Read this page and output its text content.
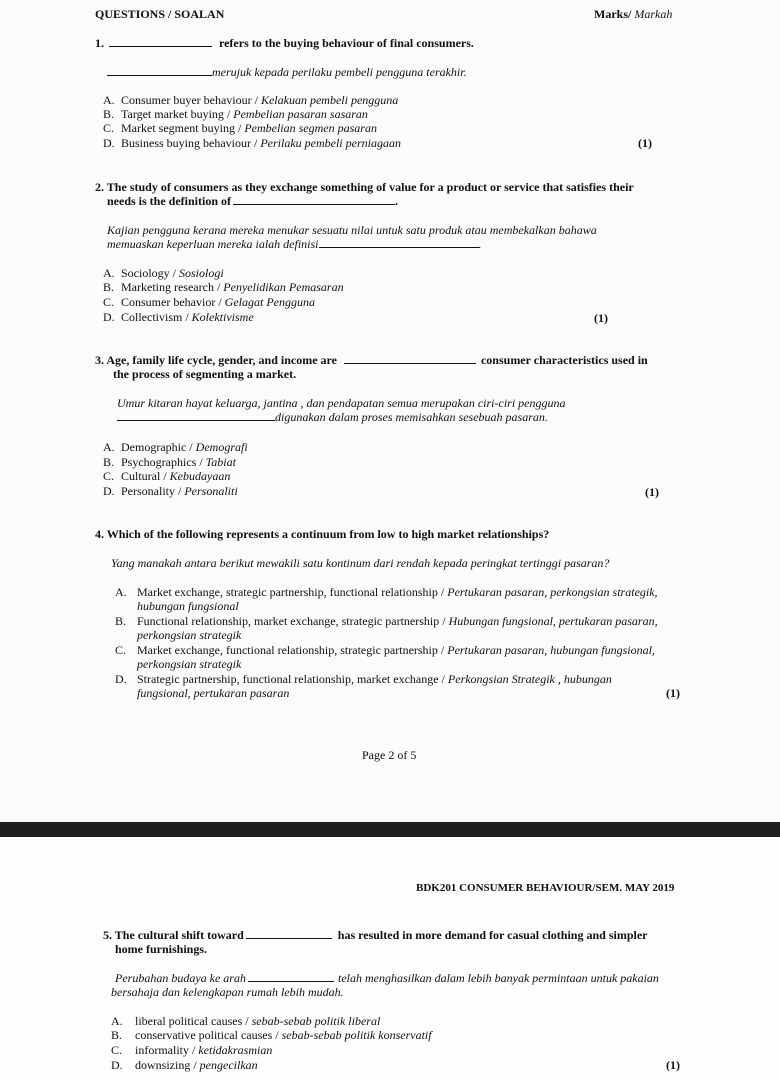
QUESTIONS / SOALAN	Marks/ Markah
1.	refers to the buying behaviour of final consumers.
merujuk kepada perilaku pembeli pengguna terakhir.
A. Consumer buyer behaviour / Kelakuan pembeli pengguna
B. Target market buying / Pembelian pasaran sasaran
C. Market segment buying / Pembelian segmen pasaran
D. Business buying behaviour / Perilaku pembeli perniagaan	(1)
2. The study of consumers as they exchange something of value for a product or service that satisfies their
needs is the definition of	.
Kajian pengguna kerana mereka menukar sesuatu nilai untuk satu produk atau membekalkan bahawa
memuaskan keperluan mereka ialah definisi	.
A. Sociology / Sosiologi
B. Marketing research / Penyelidikan Pemasaran
C. Consumer behavior / Gelagat Pengguna
D. Collectivism / Kolektivisme	(1)
3. Age, family life cycle, gender, and income are	consumer characteristics used in
the process of segmenting a market.
Umur kitaran hayat keluarga, jantina , dan pendapatan semua merupakan ciri-ciri pengguna
digunakan dalam proses memisahkan sesebuah pasaran.
A. Demographic / Demografi
B. Psychographics / Tabiat
C. Cultural / Kebudayaan
D. Personality / Personaliti	(1)
4. Which of the following represents a continuum from low to high market relationships?
Yang manakah antara berikut mewakili satu kontinum dari rendah kepada peringkat tertinggi pasaran?
A. Market exchange, strategic partnership, functional relationship / Pertukaran pasaran, perkongsian strategik,
hubungan fungsional
B. Functional relationship, market exchange, strategic partnership / Hubungan fungsional, pertukaran pasaran,
perkongsian strategik
C. Market exchange, functional relationship, strategic partnership / Pertukaran pasaran, hubungan fungsional,
perkongsian strategik
D. Strategic partnership, functional relationship, market exchange / Perkongsian Strategik , hubungan
fungsional, pertukaran pasaran	(1)
Page 2 of 5
BDK201 CONSUMER BEHAVIOUR/SEM. MAY 2019
5. The cultural shift toward	has resulted in more demand for casual clothing and simpler
home furnishings.
Perubahan budaya ke arah	telah menghasilkan dalam lebih banyak permintaan untuk pakaian
bersahaja dan kelengkapan rumah lebih mudah.
A. liberal political causes / sebab-sebab politik liberal
B. conservative political causes / sebab-sebab politik konservatif
C. informality / ketidakrasmian
D. downsizing / pengecilkan	(1)
